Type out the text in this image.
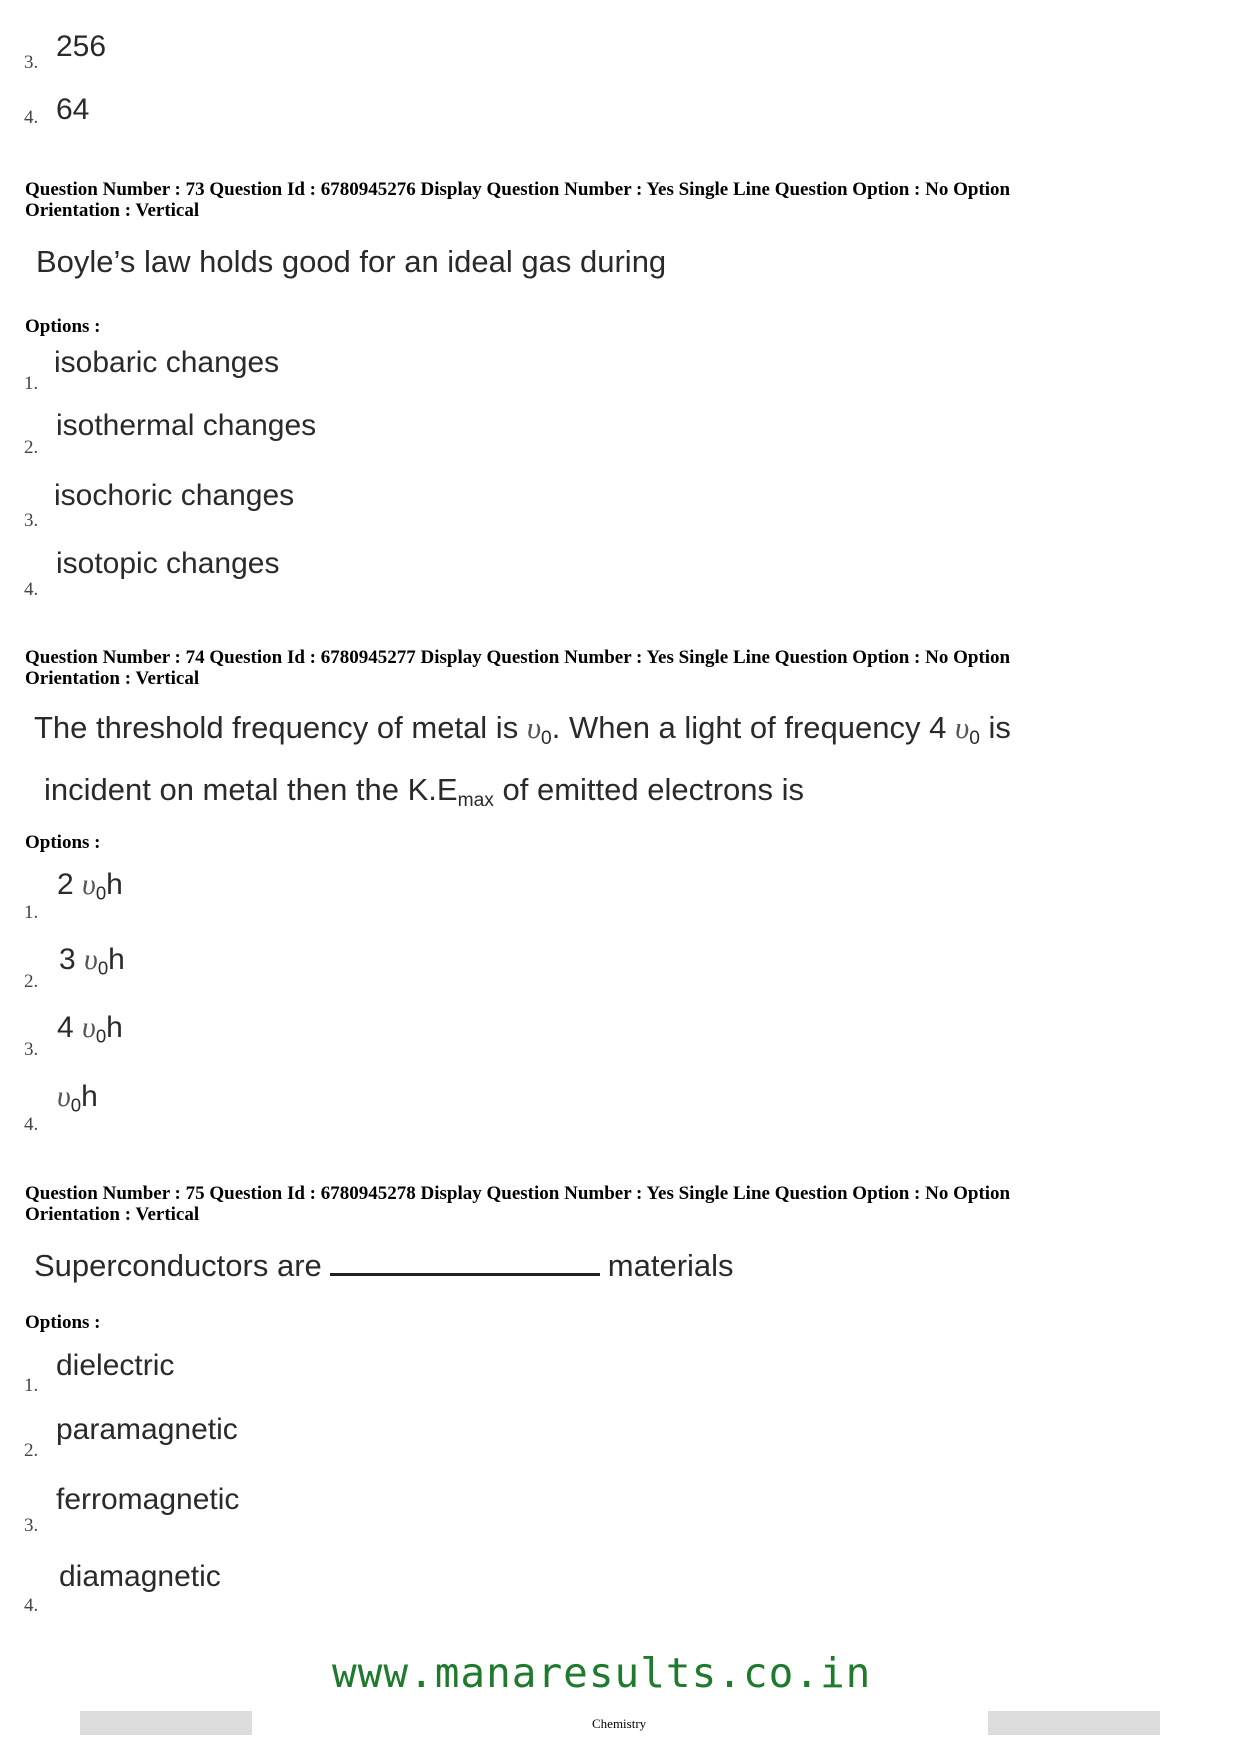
3. 256
4. 64
Question Number : 73 Question Id : 6780945276 Display Question Number : Yes Single Line Question Option : No Option
Orientation : Vertical
Boyle’s law holds good for an ideal gas during
Options :
1.
isobaric changes
2.
isothermal changes
3.
isochoric changes
4.
isotopic changes
Question Number : 74 Question Id : 6780945277 Display Question Number : Yes Single Line Question Option : No Option
Orientation : Vertical
The threshold frequency of metal is $\upsilon_0$. When a light of frequency 4 $\upsilon_0$ is
incident on metal then the $K.E_{max}$ of emitted electrons is
Options :
1.
2 $\upsilon_0h$
2.
3 $\upsilon_0h$
3.
4 $\upsilon_0h$
4.
$\upsilon_0h$
Question Number : 75 Question Id : 6780945278 Display Question Number : Yes Single Line Question Option : No Option
Orientation : Vertical
Superconductors are	materials
Options :
1.
dielectric
2.
paramagnetic
3.
ferromagnetic
4.
diamagnetic
www.manaresults.co.in
Chemistry
